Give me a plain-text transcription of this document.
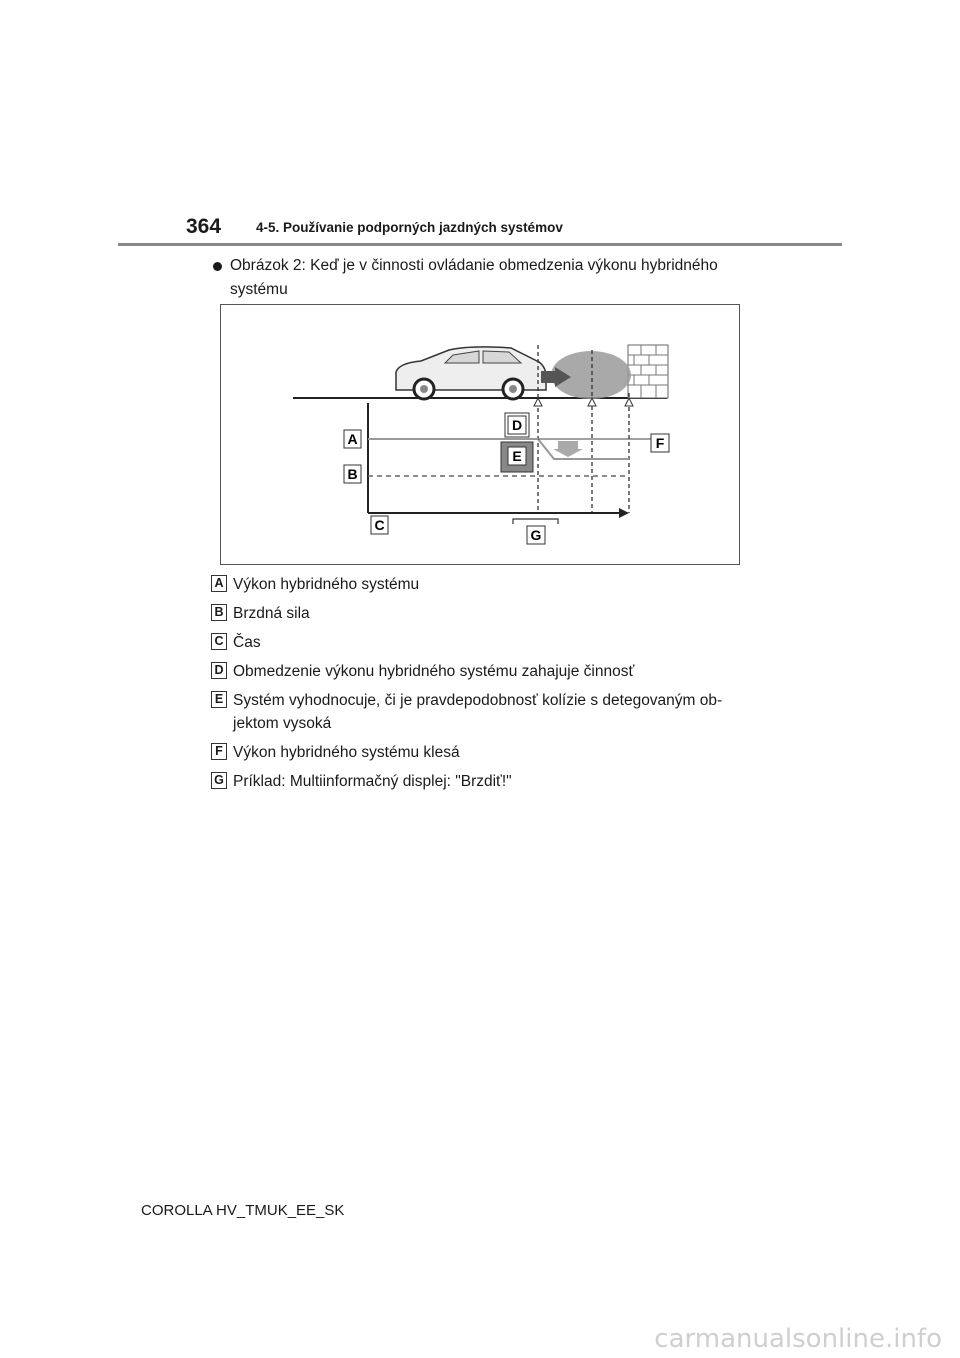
364	4-5. Používanie podporných jazdných systémov
Obrázok 2: Keď je v činnosti ovládanie obmedzenia výkonu hybridného systému
A
B
C
D
E
F
G
A Výkon hybridného systému
B Brzdná sila
C Čas
D Obmedzenie výkonu hybridného systému zahajuje činnosť
E Systém vyhodnocuje, či je pravdepodobnosť kolízie s detegovaným ob-jektom vysoká
F Výkon hybridného systému klesá
G Príklad: Multiinformačný displej: "Brzdiť!"
COROLLA HV_TMUK_EE_SK
carmanualsonline.info
